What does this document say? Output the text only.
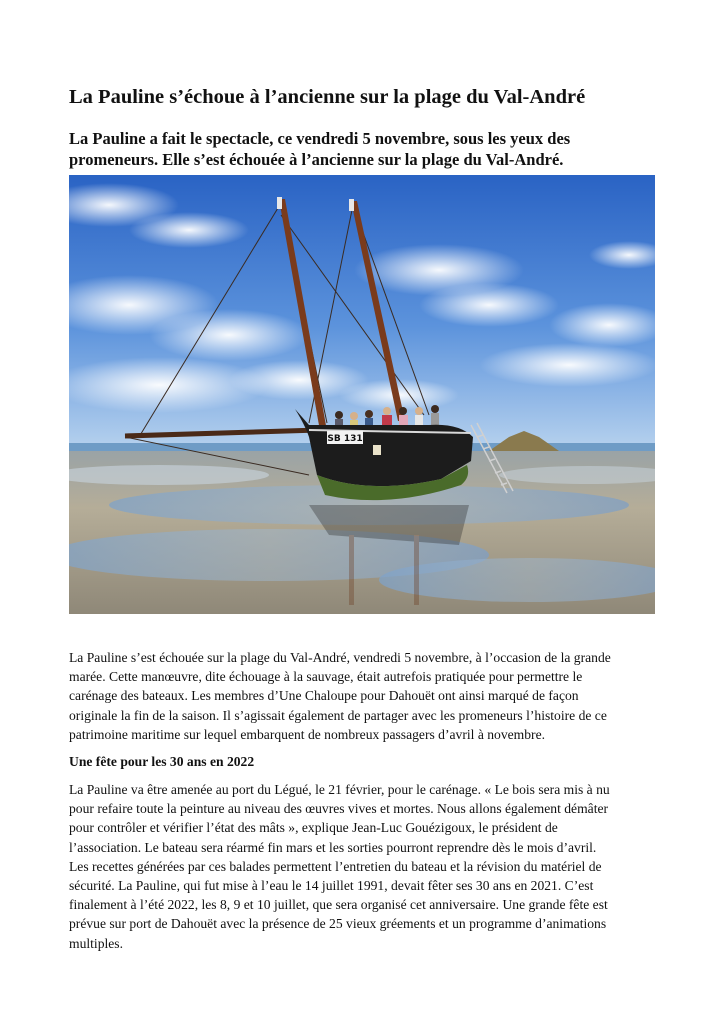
La Pauline s’échoue à l’ancienne sur la plage du Val-André

La Pauline a fait le spectacle, ce vendredi 5 novembre, sous les yeux des
promeneurs. Elle s’est échouée à l’ancienne sur la plage du Val-André.

SB 131

La Pauline s’est échouée sur la plage du Val-André, vendredi 5 novembre, à l’occasion de la grande
marée. Cette manœuvre, dite échouage à la sauvage, était autrefois pratiquée pour permettre le
carénage des bateaux. Les membres d’Une Chaloupe pour Dahouët ont ainsi marqué de façon
originale la fin de la saison. Il s’agissait également de partager avec les promeneurs l’histoire de ce
patrimoine maritime sur lequel embarquent de nombreux passagers d’avril à novembre.

Une fête pour les 30 ans en 2022

La Pauline va être amenée au port du Légué, le 21 février, pour le carénage. « Le bois sera mis à nu
pour refaire toute la peinture au niveau des œuvres vives et mortes. Nous allons également démâter
pour contrôler et vérifier l’état des mâts », explique Jean-Luc Gouézigoux, le président de
l’association. Le bateau sera réarmé fin mars et les sorties pourront reprendre dès le mois d’avril.
Les recettes générées par ces balades permettent l’entretien du bateau et la révision du matériel de
sécurité. La Pauline, qui fut mise à l’eau le 14 juillet 1991, devait fêter ses 30 ans en 2021. C’est
finalement à l’été 2022, les 8, 9 et 10 juillet, que sera organisé cet anniversaire. Une grande fête est
prévue sur port de Dahouët avec la présence de 25 vieux gréements et un programme d’animations
multiples.
